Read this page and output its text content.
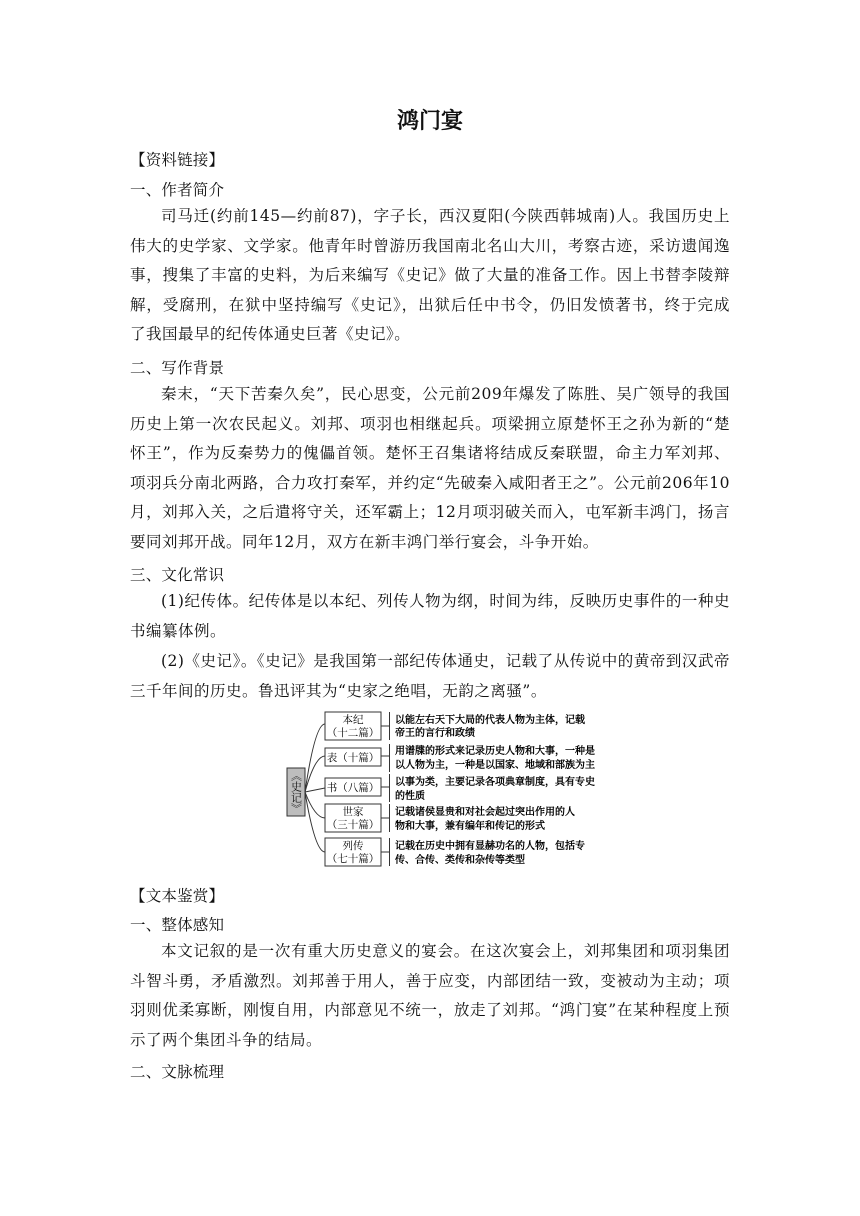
鸿门宴
【资料链接】
一、作者简介
司马迁(约前145—约前87)，字子长，西汉夏阳(今陕西韩城南)人。我国历史上伟大的史学家、文学家。他青年时曾游历我国南北名山大川，考察古迹，采访遗闻逸事，搜集了丰富的史料，为后来编写《史记》做了大量的准备工作。因上书替李陵辩解，受腐刑，在狱中坚持编写《史记》，出狱后任中书令，仍旧发愤著书，终于完成了我国最早的纪传体通史巨著《史记》。
二、写作背景
秦末，“天下苦秦久矣”，民心思变，公元前209年爆发了陈胜、吴广领导的我国历史上第一次农民起义。刘邦、项羽也相继起兵。项梁拥立原楚怀王之孙为新的“楚怀王”，作为反秦势力的傀儡首领。楚怀王召集诸将结成反秦联盟，命主力军刘邦、项羽兵分南北两路，合力攻打秦军，并约定“先破秦入咸阳者王之”。公元前206年10月，刘邦入关，之后遣将守关，还军霸上；12月项羽破关而入，屯军新丰鸿门，扬言要同刘邦开战。同年12月，双方在新丰鸿门举行宴会，斗争开始。
三、文化常识
(1)纪传体。纪传体是以本纪、列传人物为纲，时间为纬，反映历史事件的一种史书编纂体例。
(2)《史记》。《史记》是我国第一部纪传体通史，记载了从传说中的黄帝到汉武帝三千年间的历史。鲁迅评其为“史家之绝唱，无韵之离骚”。
《史记》
本纪
（十二篇）
以能左右天下大局的代表人物为主体，记载
帝王的言行和政绩
表（十篇）
用谱牒的形式来记录历史人物和大事，一种是
以人物为主，一种是以国家、地域和部族为主
书（八篇） 以事为类，主要记录各项典章制度，具有专史
的性质
世家
（三十篇）
记载诸侯显贵和对社会起过突出作用的人
物和大事，兼有编年和传记的形式
列传
（七十篇）
记载在历史中拥有显赫功名的人物，包括专
传、合传、类传和杂传等类型
【文本鉴赏】
一、整体感知
本文记叙的是一次有重大历史意义的宴会。在这次宴会上，刘邦集团和项羽集团斗智斗勇，矛盾激烈。刘邦善于用人，善于应变，内部团结一致，变被动为主动；项羽则优柔寡断，刚愎自用，内部意见不统一，放走了刘邦。“鸿门宴”在某种程度上预示了两个集团斗争的结局。
二、文脉梳理
